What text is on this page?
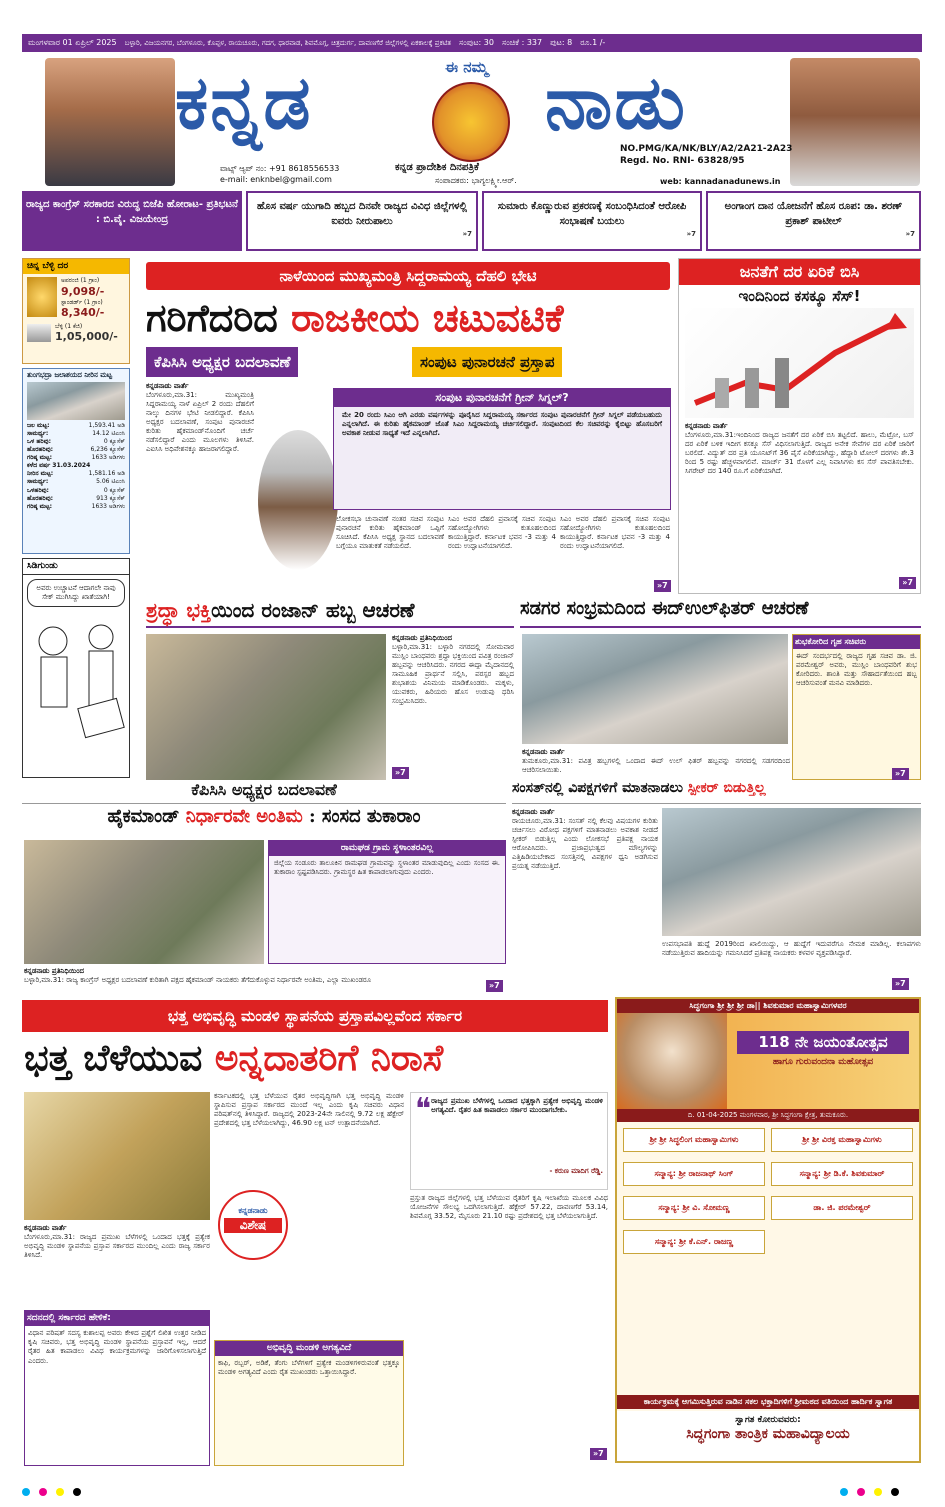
ಮಂಗಳವಾರ 01 ಏಪ್ರಿಲ್ 2025 ಬಳ್ಳಾರಿ, ವಿಜಯನಗರ, ಬೆಂಗಳೂರು, ಕೊಪ್ಪಳ, ರಾಯಚೂರು, ಗದಗ, ಧಾರವಾಡ, ಶಿವಮೊಗ್ಗ, ಚಿತ್ರದುರ್ಗ, ದಾವಣಗೆರೆ ಜಿಲ್ಲೆಗಳಲ್ಲಿ ಏಕಕಾಲಕ್ಕೆ ಪ್ರಕಟಿತ ಸಂಪುಟ: 30 ಸಂಚಿಕೆ : 337 ಪುಟ: 8 ರೂ.1 /-
ಈ ನಮ್ಮ
ಕನ್ನಡ	ನಾಡು
ಕನ್ನಡ ಪ್ರಾದೇಶಿಕ ದಿನಪತ್ರಿಕೆ
ಸಂಪಾದಕರು: ಭಾಗ್ಯಲಕ್ಷ್ಮೀ.ಆರ್.
ವಾಟ್ಸ್ ಆ್ಯಪ್ ನಂ: +91 8618556533
e-mail: enknbel@gmail.com
NO.PMG/KA/NK/BLY/A2/2A21-2A23
Regd. No. RNI- 63828/95
web: kannadanadunews.in
ರಾಜ್ಯದ ಕಾಂಗ್ರೆಸ್ ಸರಕಾರದ ವಿರುದ್ಧ ಬಿಜೆಪಿ ಹೋರಾಟ- ಪ್ರತಿಭಟನೆ : ಬಿ.ವೈ. ವಿಜಯೇಂದ್ರ
ಹೊಸ ವರ್ಷ ಯುಗಾದಿ ಹಬ್ಬದ ದಿನವೇ ರಾಜ್ಯದ ವಿವಿಧ ಜಿಲ್ಲೆಗಳಲ್ಲಿ ಐವರು ನೀರುಪಾಲು
»7
ಸುಮಾರು ಕೊಣ್ಣುರುವ ಪ್ರಕರಣಕ್ಕೆ ಸಂಬಂಧಿಸಿದಂತೆ ಆರೋಪಿ ಸಂಭಾಷಣೆ ಬಯಲು
»7
ಅಂಗಾಂಗ ದಾನ ಯೋಜನೆಗೆ ಹೊಸ ರೂಪ: ಡಾ. ಶರಣ್ ಪ್ರಕಾಶ್ ಪಾಟೀಲ್
»7
ಚಿನ್ನ ಬೆಳ್ಳಿ ದರ
ಅಪರಂಜಿ (1 ಗ್ರಾಂ)
9,098/-
ಸ್ಟಾಂಡರ್ಡ್ (1 ಗ್ರಾಂ)
8,340/-
ಬೆಳ್ಳಿ (1 ಕೆಜಿ)
1,05,000/-
ತುಂಗಭದ್ರಾ ಜಲಾಶಯದ ನೀರಿನ ಮಟ್ಟ
ಜಲ ಮಟ್ಟ:	1,593.41 ಅಡಿ
ಸಾಮರ್ಥ್ಯ:	14.12 ಟಿಎಂಸಿ
ಒಳ ಹರಿವು:	0 ಕ್ಯೂಸೆಕ್
ಹೊರಹರಿವು:	6,236 ಕ್ಯೂಸೆಕ್
ಗರಿಷ್ಠ ಮಟ್ಟ:	1633 ಅಡಿಗಳು
ಕಳೆದ ವರ್ಷ 31.03.2024
ನೀರಿನ ಮಟ್ಟ:	1,581.16 ಅಡಿ
ಸಾಮರ್ಥ್ಯ:	5.06 ಟಿಎಂಸಿ
ಒಳಹರಿವು:	0 ಕ್ಯೂಸೆಕ್
ಹೊರಹರಿವು:	913 ಕ್ಯೂಸೆಕ್
ಗರಿಷ್ಠ ಮಟ್ಟ:	1633 ಅಡಿಗಳು
ಸಿಡಿಗುಂಡು
ಅವರು ಉಚ್ಚಾಟನೆ ಆದಾಗಲೇ ನಾವು ಸೇಕ್ ಮುಗಿಸಿದ್ದು ಖಾತೆಯಾಗಿ!
ನಾಳೆಯಿಂದ ಮುಖ್ಯಮಂತ್ರಿ ಸಿದ್ದರಾಮಯ್ಯ ದೆಹಲಿ ಭೇಟಿ
ಗರಿಗೆದರಿದ ರಾಜಕೀಯ ಚಟುವಟಿಕೆ
ಕೆಪಿಸಿಸಿ ಅಧ್ಯಕ್ಷರ ಬದಲಾವಣೆ	ಸಂಪುಟ ಪುನಾರಚನೆ ಪ್ರಸ್ತಾಪ
ಕನ್ನಡನಾಡು ವಾರ್ತೆ
ಬೆಂಗಳೂರು,ಮಾ.31: ಮುಖ್ಯಮಂತ್ರಿ ಸಿದ್ದರಾಮಯ್ಯ ನಾಳೆ ಏಪ್ರಿಲ್ 2 ರಂದು ದೆಹಲಿಗೆ ನಾಲ್ಕು ದಿನಗಳ ಭೇಟಿ ನೀಡಲಿದ್ದಾರೆ. ಕೆಪಿಸಿಸಿ ಅಧ್ಯಕ್ಷರ ಬದಲಾವಣೆ, ಸಂಪುಟ ಪುನಾರಚನೆ ಕುರಿತು ಹೈಕಮಾಂಡ್‌ನೊಂದಿಗೆ ಚರ್ಚೆ ನಡೆಸಲಿದ್ದಾರೆ ಎಂದು ಮೂಲಗಳು ತಿಳಿಸಿವೆ. ಎಐಸಿಸಿ ಅಧಿವೇಶನಕ್ಕೂ ಹಾಜರಾಗಲಿದ್ದಾರೆ.
ಸಂಪುಟ ಪುನಾರಚನೆಗೆ ಗ್ರೀನ್ ಸಿಗ್ನಲ್?
ಮೇ 20 ರಂದು ಸಿಎಂ ಆಗಿ ಎರಡು ವರ್ಷಗಳನ್ನು ಪೂರೈಸಿದ ಸಿದ್ದರಾಮಯ್ಯ ಸರ್ಕಾರದ ಸಂಪುಟ ಪುನಾರಚನೆಗೆ ಗ್ರೀನ್ ಸಿಗ್ನಲ್ ಪಡೆಯಬಹುದು ಎನ್ನಲಾಗಿದೆ. ಈ ಕುರಿತು ಹೈಕಮಾಂಡ್ ಜೊತೆ ಸಿಎಂ ಸಿದ್ದರಾಮಯ್ಯ ಚರ್ಚಿಸಲಿದ್ದಾರೆ. ಸಂಪುಟದಿಂದ ಕೆಲ ಸಚಿವರನ್ನು ಕೈಬಿಟ್ಟು ಹೊಸಬರಿಗೆ ಅವಕಾಶ ನೀಡುವ ಸಾಧ್ಯತೆ ಇದೆ ಎನ್ನಲಾಗಿದೆ.
ಲೋಕಸಭಾ ಚುನಾವಣೆ ನಂತರ ಸಚಿವ ಸಂಪುಟ ಪುನಾರಚನೆ ಕುರಿತು ಹೈಕಮಾಂಡ್ ಒಪ್ಪಿಗೆ ಸೂಚಿಸಿದೆ. ಕೆಪಿಸಿಸಿ ಅಧ್ಯಕ್ಷ ಸ್ಥಾನದ ಬದಲಾವಣೆ ಬಗ್ಗೆಯೂ ಮಾತುಕತೆ ನಡೆಯಲಿದೆ.
ಸಿಎಂ ಅವರ ದೆಹಲಿ ಪ್ರವಾಸಕ್ಕೆ ಸಚಿವ ಸಂಪುಟ ಸಹೋದ್ಯೋಗಿಗಳು ಕುತೂಹಲದಿಂದ ಕಾಯುತ್ತಿದ್ದಾರೆ. ಕರ್ನಾಟಕ ಭವನ -3 ಮತ್ತು 4 ರಂದು ಉದ್ಘಾಟನೆಯಾಗಲಿದೆ.
ಸಿಎಂ ಅವರ ದೆಹಲಿ ಪ್ರವಾಸಕ್ಕೆ ಸಚಿವ ಸಂಪುಟ ಸಹೋದ್ಯೋಗಿಗಳು ಕುತೂಹಲದಿಂದ ಕಾಯುತ್ತಿದ್ದಾರೆ. ಕರ್ನಾಟಕ ಭವನ -3 ಮತ್ತು 4 ರಂದು ಉದ್ಘಾಟನೆಯಾಗಲಿದೆ.
»7
ಜನತೆಗೆ ದರ ಏರಿಕೆ ಬಿಸಿ
ಇಂದಿನಿಂದ ಕಸಕ್ಕೂ ಸೆಸ್!
ಕನ್ನಡನಾಡು ವಾರ್ತೆ
ಬೆಂಗಳೂರು,ಮಾ.31:ಇಂದಿನಿಂದ ರಾಜ್ಯದ ಜನತೆಗೆ ದರ ಏರಿಕೆ ಬಿಸಿ ತಟ್ಟಲಿದೆ. ಹಾಲು, ಮೆಟ್ರೋ, ಬಸ್ ದರ ಏರಿಕೆ ಬಳಿಕ ಇದೀಗ ಕಸಕ್ಕೂ ಸೆಸ್ ವಿಧಿಸಲಾಗುತ್ತಿದೆ. ರಾಜ್ಯದ ಅನೇಕ ಸೇವೆಗಳ ದರ ಏರಿಕೆ ಜಾರಿಗೆ ಬರಲಿದೆ. ವಿದ್ಯುತ್ ದರ ಪ್ರತಿ ಯೂನಿಟ್‌ಗೆ 36 ಪೈಸೆ ಏರಿಕೆಯಾಗಿದ್ದು, ಹೆದ್ದಾರಿ ಟೋಲ್ ದರಗಳು ಶೇ.3 ರಿಂದ 5 ರಷ್ಟು ಹೆಚ್ಚಳವಾಗಲಿವೆ. ಮಾರ್ಚ್ 31 ರೊಳಗೆ ಎಲ್ಲ ನಿವಾಸಿಗಳು ಕಸ ಸೆಸ್ ಪಾವತಿಸಬೇಕು. ಸಿಗರೇಟ್ ದರ 140 ರೂ.ಗೆ ಏರಿಕೆಯಾಗಿದೆ.
»7
ಶ್ರದ್ಧಾ ಭಕ್ತಿಯಿಂದ ರಂಜಾನ್ ಹಬ್ಬ ಆಚರಣೆ
ಕನ್ನಡನಾಡು ಪ್ರತಿನಿಧಿಯಿಂದ
ಬಳ್ಳಾರಿ,ಮಾ.31: ಬಳ್ಳಾರಿ ನಗರದಲ್ಲಿ ಸೋಮವಾರ ಮುಸ್ಲಿಂ ಬಾಂಧವರು ಶ್ರದ್ಧಾ ಭಕ್ತಿಯಿಂದ ಪವಿತ್ರ ರಂಜಾನ್ ಹಬ್ಬವನ್ನು ಆಚರಿಸಿದರು. ನಗರದ ಈದ್ಗಾ ಮೈದಾನದಲ್ಲಿ ಸಾಮೂಹಿಕ ಪ್ರಾರ್ಥನೆ ಸಲ್ಲಿಸಿ, ಪರಸ್ಪರ ಹಬ್ಬದ ಶುಭಾಶಯ ವಿನಿಮಯ ಮಾಡಿಕೊಂಡರು. ಮಕ್ಕಳು, ಯುವಕರು, ಹಿರಿಯರು ಹೊಸ ಉಡುಪು ಧರಿಸಿ ಸಂಭ್ರಮಿಸಿದರು.
»7
ಸಡಗರ ಸಂಭ್ರಮದಿಂದ ಈದ್‌ಉಲ್‌ಫಿತರ್ ಆಚರಣೆ
ಶುಭಕೋರಿದ ಗೃಹ ಸಚಿವರು
ಈದ್ ಸಂದರ್ಭದಲ್ಲಿ ರಾಜ್ಯದ ಗೃಹ ಸಚಿವ ಡಾ. ಜಿ. ಪರಮೇಶ್ವರ್ ಅವರು, ಮುಸ್ಲಿಂ ಬಾಂಧವರಿಗೆ ಶುಭ ಕೋರಿದರು. ಶಾಂತಿ ಮತ್ತು ಸೌಹಾರ್ದತೆಯಿಂದ ಹಬ್ಬ ಆಚರಿಸುವಂತೆ ಮನವಿ ಮಾಡಿದರು.
ಕನ್ನಡನಾಡು ವಾರ್ತೆ
ತುಮಕೂರು,ಮಾ.31: ಪವಿತ್ರ ಹಬ್ಬಗಳಲ್ಲಿ ಒಂದಾದ ಈದ್ ಉಲ್ ಫಿತರ್ ಹಬ್ಬವನ್ನು ನಗರದಲ್ಲಿ ಸಡಗರದಿಂದ ಆಚರಿಸಲಾಯಿತು.	»7
ಕೆಪಿಸಿಸಿ ಅಧ್ಯಕ್ಷರ ಬದಲಾವಣೆ
ಹೈಕಮಾಂಡ್ ನಿರ್ಧಾರವೇ ಅಂತಿಮ : ಸಂಸದ ತುಕಾರಾಂ
ರಾಮಘಡ ಗ್ರಾಮ ಸ್ಥಳಾಂತರವಿಲ್ಲ
ಜಿಲ್ಲೆಯ ಸಂಡೂರು ತಾಲೂಕಿನ ರಾಮಘಡ ಗ್ರಾಮವನ್ನು ಸ್ಥಳಾಂತರ ಮಾಡುವುದಿಲ್ಲ ಎಂದು ಸಂಸದ ಈ. ತುಕಾರಾಂ ಸ್ಪಷ್ಟಪಡಿಸಿದರು. ಗ್ರಾಮಸ್ಥರ ಹಿತ ಕಾಪಾಡಲಾಗುವುದು ಎಂದರು.
ಕನ್ನಡನಾಡು ಪ್ರತಿನಿಧಿಯಿಂದ
ಬಳ್ಳಾರಿ,ಮಾ.31: ರಾಜ್ಯ ಕಾಂಗ್ರೆಸ್ ಅಧ್ಯಕ್ಷರ ಬದಲಾವಣೆ ಕುರಿತಾಗಿ ಪಕ್ಷದ ಹೈಕಮಾಂಡ್ ನಾಯಕರು ತೆಗೆದುಕೊಳ್ಳುವ ನಿರ್ಧಾರವೇ ಅಂತಿಮ, ಎಲ್ಲಾ ಮುಖಂಡರೂ
»7
ಸಂಸತ್‌ನಲ್ಲಿ ವಿಪಕ್ಷಗಳಿಗೆ ಮಾತನಾಡಲು ಸ್ಪೀಕರ್ ಬಿಡುತ್ತಿಲ್ಲ
ಕನ್ನಡನಾಡು ವಾರ್ತೆ
ರಾಯಚೂರು,ಮಾ.31: ಸಂಸತ್ ನಲ್ಲಿ ಕೆಲವು ವಿಷಯಗಳ ಕುರಿತು ಚರ್ಚಿಸಲು ವಿರೋಧ ಪಕ್ಷಗಳಿಗೆ ಮಾತನಾಡಲು ಅವಕಾಶ ನೀಡದೆ ಸ್ಪೀಕರ್ ಬಿಡುತ್ತಿಲ್ಲ ಎಂದು ಲೋಕಸಭೆ ಪ್ರತಿಪಕ್ಷ ನಾಯಕ ಆರೋಪಿಸಿದರು. ಪ್ರಜಾಪ್ರಭುತ್ವದ ಮೌಲ್ಯಗಳನ್ನು ಎತ್ತಿಹಿಡಿಯಬೇಕಾದ ಸಂಸತ್ತಿನಲ್ಲಿ ವಿಪಕ್ಷಗಳ ಧ್ವನಿ ಅಡಗಿಸುವ ಪ್ರಯತ್ನ ನಡೆಯುತ್ತಿದೆ.
ಉಪಸಭಾಪತಿ ಹುದ್ದೆ 2019ರಿಂದ ಖಾಲಿಯಿದ್ದು, ಆ ಹುದ್ದೆಗೆ ಇದುವರೆಗೂ ನೇಮಕ ಮಾಡಿಲ್ಲ. ಕಲಾಪಗಳು ನಡೆಯುತ್ತಿರುವ ಹಾದಿಯನ್ನು ಗಮನಿಸಿದರೆ ಪ್ರತಿಪಕ್ಷ ನಾಯಕರು ಕಳವಳ ವ್ಯಕ್ತಪಡಿಸಿದ್ದಾರೆ.
»7
ಭತ್ತ ಅಭಿವೃದ್ಧಿ ಮಂಡಳಿ ಸ್ಥಾಪನೆಯ ಪ್ರಸ್ತಾಪವಿಲ್ಲವೆಂದ ಸರ್ಕಾರ
ಭತ್ತ ಬೆಳೆಯುವ ಅನ್ನದಾತರಿಗೆ ನಿರಾಸೆ
ಕರ್ನಾಟಕದಲ್ಲಿ ಭತ್ತ ಬೆಳೆಯುವ ರೈತರ ಅಭಿವೃದ್ಧಿಗಾಗಿ ಭತ್ತ ಅಭಿವೃದ್ಧಿ ಮಂಡಳಿ ಸ್ಥಾಪಿಸುವ ಪ್ರಸ್ತಾಪ ಸರ್ಕಾರದ ಮುಂದೆ ಇಲ್ಲ ಎಂದು ಕೃಷಿ ಸಚಿವರು ವಿಧಾನ ಪರಿಷತ್‌ನಲ್ಲಿ ತಿಳಿಸಿದ್ದಾರೆ. ರಾಜ್ಯದಲ್ಲಿ 2023-24ನೇ ಸಾಲಿನಲ್ಲಿ 9.72 ಲಕ್ಷ ಹೆಕ್ಟೇರ್ ಪ್ರದೇಶದಲ್ಲಿ ಭತ್ತ ಬೆಳೆಯಲಾಗಿದ್ದು, 46.90 ಲಕ್ಷ ಟನ್ ಉತ್ಪಾದನೆಯಾಗಿದೆ.	❝ ರಾಜ್ಯದ ಪ್ರಮುಖ ಬೆಳೆಗಳಲ್ಲಿ ಒಂದಾದ ಭತ್ತಕ್ಕಾಗಿ ಪ್ರತ್ಯೇಕ ಅಭಿವೃದ್ಧಿ ಮಂಡಳಿ ಅಗತ್ಯವಿದೆ. ರೈತರ ಹಿತ ಕಾಪಾಡಲು ಸರ್ಕಾರ ಮುಂದಾಗಬೇಕು.
- ಕರುಣ ಮಾದಿಗ ರೆಡ್ಡಿ.
ಕನ್ನಡನಾಡು ವಾರ್ತೆ
ಬೆಂಗಳೂರು,ಮಾ.31: ರಾಜ್ಯದ ಪ್ರಮುಖ ಬೆಳೆಗಳಲ್ಲಿ ಒಂದಾದ ಭತ್ತಕ್ಕೆ ಪ್ರತ್ಯೇಕ ಅಭಿವೃದ್ಧಿ ಮಂಡಳಿ ಸ್ಥಾಪನೆಯ ಪ್ರಸ್ತಾಪ ಸರ್ಕಾರದ ಮುಂದಿಲ್ಲ ಎಂದು ರಾಜ್ಯ ಸರ್ಕಾರ ತಿಳಿಸಿದೆ.
ಕನ್ನಡನಾಡು
ವಿಶೇಷ
ಪ್ರಸ್ತುತ ರಾಜ್ಯದ ಜಿಲ್ಲೆಗಳಲ್ಲಿ ಭತ್ತ ಬೆಳೆಯುವ ರೈತರಿಗೆ ಕೃಷಿ ಇಲಾಖೆಯ ಮೂಲಕ ವಿವಿಧ ಯೋಜನೆಗಳ ಸೌಲಭ್ಯ ಒದಗಿಸಲಾಗುತ್ತಿದೆ. ಹೆಕ್ಟೇರ್ 57.22, ದಾವಣಗೆರೆ 53.14, ಶಿವಮೊಗ್ಗ 33.52, ಮೈಸೂರು 21.10 ರಷ್ಟು ಪ್ರದೇಶದಲ್ಲಿ ಭತ್ತ ಬೆಳೆಯಲಾಗುತ್ತಿದೆ.
ಸದನದಲ್ಲಿ ಸರ್ಕಾರದ ಹೇಳಿಕೆ:
ವಿಧಾನ ಪರಿಷತ್ ಸದಸ್ಯ ಕುಶಾಲಪ್ಪ ಅವರು ಕೇಳಿದ ಪ್ರಶ್ನೆಗೆ ಲಿಖಿತ ಉತ್ತರ ನೀಡಿದ ಕೃಷಿ ಸಚಿವರು, ಭತ್ತ ಅಭಿವೃದ್ಧಿ ಮಂಡಳಿ ಸ್ಥಾಪನೆಯ ಪ್ರಸ್ತಾವನೆ ಇಲ್ಲ, ಆದರೆ ರೈತರ ಹಿತ ಕಾಪಾಡಲು ವಿವಿಧ ಕಾರ್ಯಕ್ರಮಗಳನ್ನು ಜಾರಿಗೊಳಿಸಲಾಗುತ್ತಿದೆ ಎಂದರು.
ಅಭಿವೃದ್ಧಿ ಮಂಡಳಿ ಅಗತ್ಯವಿದೆ
ಕಾಫಿ, ರಬ್ಬರ್, ಅಡಿಕೆ, ತೆಂಗು ಬೆಳೆಗಳಿಗೆ ಪ್ರತ್ಯೇಕ ಮಂಡಳಿಗಳಿರುವಂತೆ ಭತ್ತಕ್ಕೂ ಮಂಡಳಿ ಅಗತ್ಯವಿದೆ ಎಂದು ರೈತ ಮುಖಂಡರು ಒತ್ತಾಯಿಸಿದ್ದಾರೆ.
»7
ಸಿದ್ಧಗಂಗಾ ಶ್ರೀ ಶ್ರೀ ಶ್ರೀ ಡಾ|| ಶಿವಕುಮಾರ ಮಹಾಸ್ವಾಮಿಗಳವರ
118 ನೇ ಜಯಂತೋತ್ಸವ
ಹಾಗೂ ಗುರುವಂದನಾ ಮಹೋತ್ಸವ
ದಿ. 01-04-2025 ಮಂಗಳವಾರ, ಶ್ರೀ ಸಿದ್ಧಗಂಗಾ ಕ್ಷೇತ್ರ, ತುಮಕೂರು.
ಶ್ರೀ ಶ್ರೀ ಸಿದ್ಧಲಿಂಗ ಮಹಾಸ್ವಾಮಿಗಳು	ಶ್ರೀ ಶ್ರೀ ವಿರಕ್ತ ಮಹಾಸ್ವಾಮಿಗಳು
ಸನ್ಮಾನ್ಯ: ಶ್ರೀ ರಾಜನಾಥ್ ಸಿಂಗ್	ಸನ್ಮಾನ್ಯ: ಶ್ರೀ ಡಿ.ಕೆ. ಶಿವಕುಮಾರ್
ಸನ್ಮಾನ್ಯ: ಶ್ರೀ ವಿ. ಸೋಮಣ್ಣ	ಡಾ. ಜಿ. ಪರಮೇಶ್ವರ್
ಸನ್ಮಾನ್ಯ: ಶ್ರೀ ಕೆ.ಎನ್. ರಾಜಣ್ಣ
ಕಾರ್ಯಕ್ರಮಕ್ಕೆ ಆಗಮಿಸುತ್ತಿರುವ ನಾಡಿನ ಸಕಲ ಭಕ್ತಾದಿಗಳಿಗೆ ಶ್ರೀಮಠದ ವತಿಯಿಂದ ಹಾರ್ದಿಕ ಸ್ವಾಗತ
ಸ್ವಾಗತ ಕೋರುವವರು:
ಸಿದ್ಧಗಂಗಾ ತಾಂತ್ರಿಕ ಮಹಾವಿದ್ಯಾಲಯ
